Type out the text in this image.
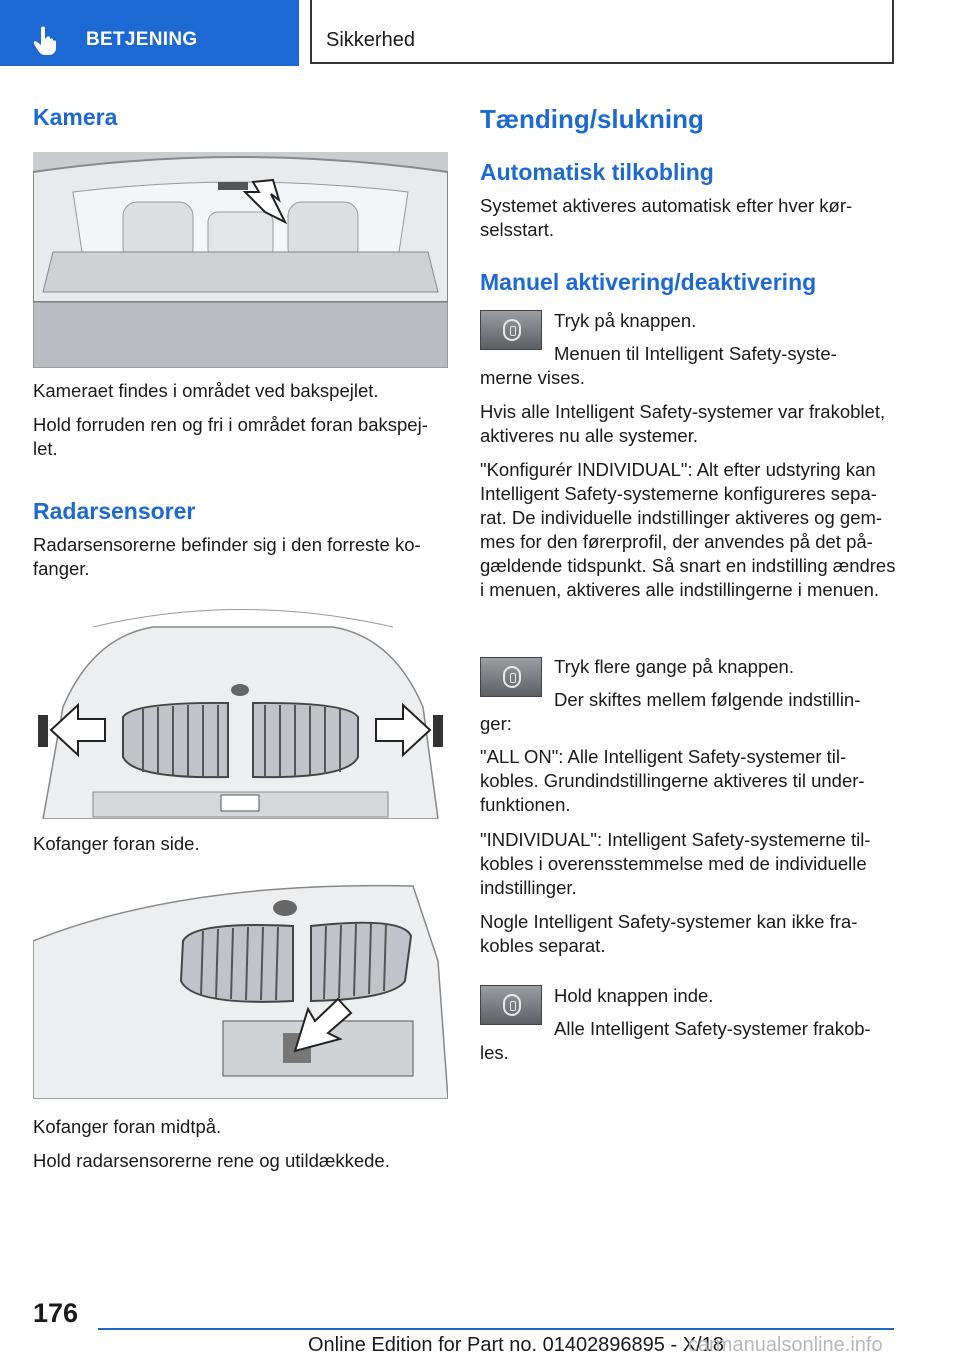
BETJENING	Sikkerhed
Kamera

Kameraet findes i området ved bakspejlet.

Hold forruden ren og fri i området foran bakspej‐let.

Radarsensorer

Radarsensorerne befinder sig i den forreste ko‐fanger.

Kofanger foran side.

Kofanger foran midtpå.

Hold radarsensorerne rene og utildækkede.

Tænding/slukning
Automatisk tilkobling

Systemet aktiveres automatisk efter hver kør‐selsstart.

Manuel aktivering/deaktivering

Tryk på knappen.

Menuen til Intelligent Safety-syste‐

merne vises.

Hvis alle Intelligent Safety-systemer var frakoblet, aktiveres nu alle systemer.

"Konfigurér INDIVIDUAL": Alt efter udstyring kan Intelligent Safety-systemerne konfigureres sepa‐rat. De individuelle indstillinger aktiveres og gem‐mes for den førerprofil, der anvendes på det på‐gældende tidspunkt. Så snart en indstilling ændres i menuen, aktiveres alle indstillingerne i menuen.

Tryk flere gange på knappen.

Der skiftes mellem følgende indstillin‐

ger:

"ALL ON": Alle Intelligent Safety-systemer til‐kobles. Grundindstillingerne aktiveres til under‐funktionen.

"INDIVIDUAL": Intelligent Safety-systemerne til‐kobles i overensstemmelse med de individuelle indstillinger.

Nogle Intelligent Safety-systemer kan ikke fra‐kobles separat.

Hold knappen inde.

Alle Intelligent Safety-systemer frakob‐

les.

176
Online Edition for Part no. 01402896895 - X/18
carmanualsonline.info
